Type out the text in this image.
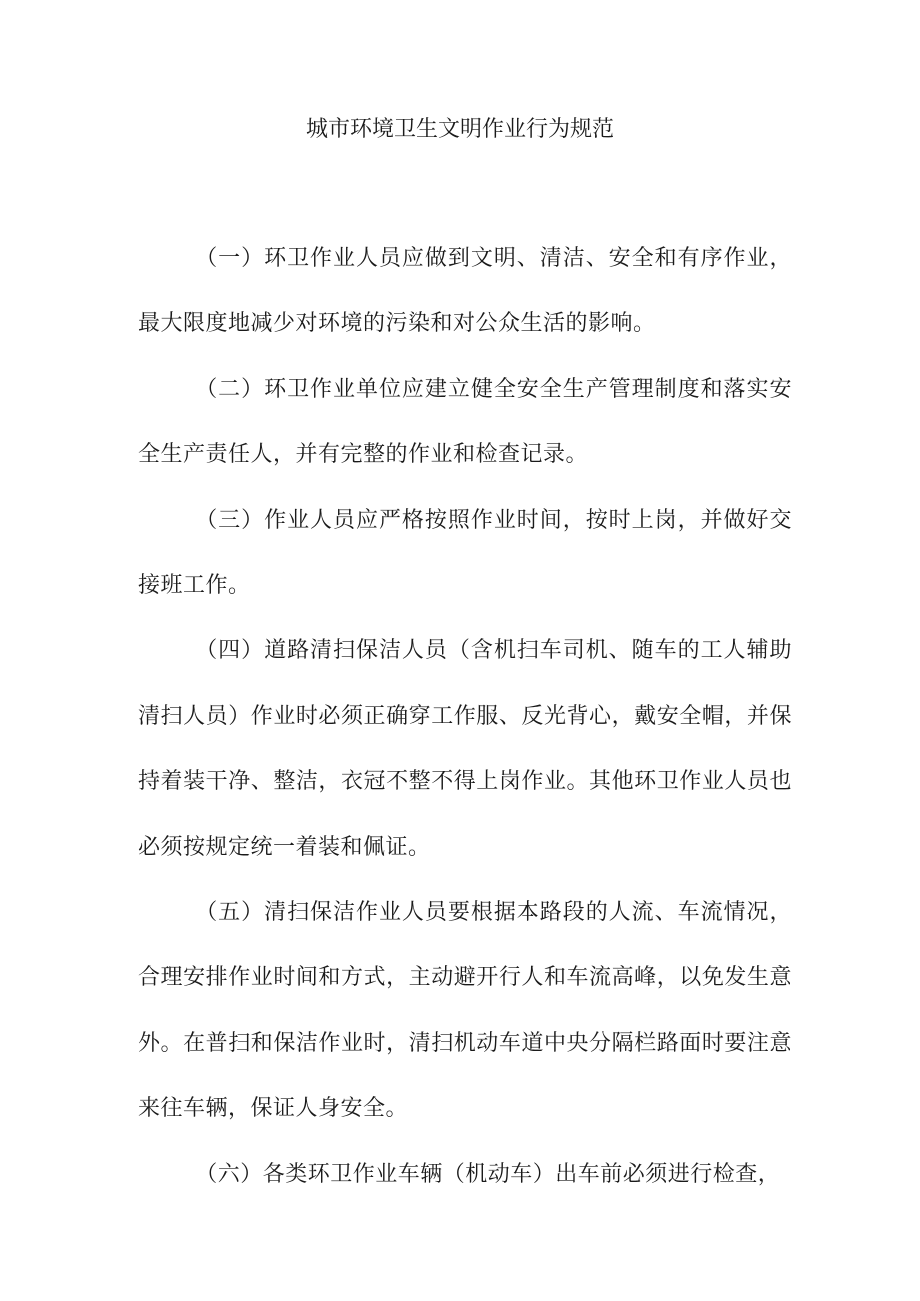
城市环境卫生文明作业行为规范

（一）环卫作业人员应做到文明、清洁、安全和有序作业，最大限度地减少对环境的污染和对公众生活的影响。

（二）环卫作业单位应建立健全安全生产管理制度和落实安全生产责任人，并有完整的作业和检查记录。

（三）作业人员应严格按照作业时间，按时上岗，并做好交接班工作。

（四）道路清扫保洁人员（含机扫车司机、随车的工人辅助清扫人员）作业时必须正确穿工作服、反光背心，戴安全帽，并保持着装干净、整洁，衣冠不整不得上岗作业。其他环卫作业人员也必须按规定统一着装和佩证。

（五）清扫保洁作业人员要根据本路段的人流、车流情况，合理安排作业时间和方式，主动避开行人和车流高峰，以免发生意外。在普扫和保洁作业时，清扫机动车道中央分隔栏路面时要注意来往车辆，保证人身安全。

（六）各类环卫作业车辆（机动车）出车前必须进行检查，
